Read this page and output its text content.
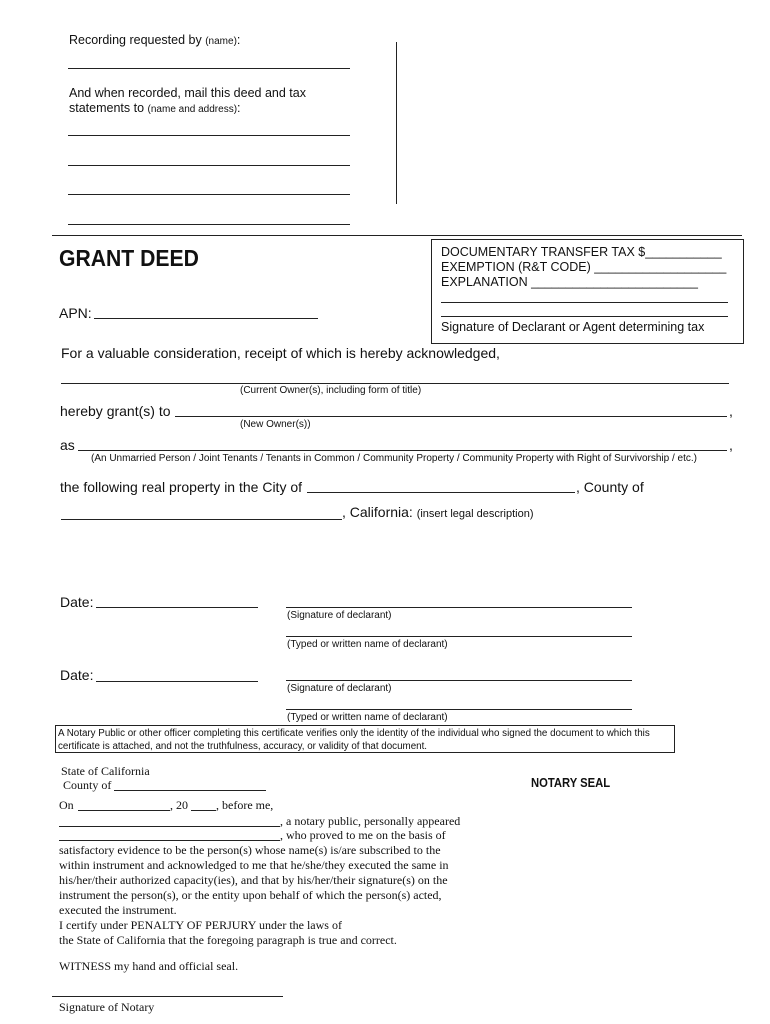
Recording requested by (name):
And when recorded, mail this deed and tax
statements to (name and address):
GRANT DEED
APN:
DOCUMENTARY TRANSFER TAX $___________
EXEMPTION (R&T CODE) ___________________
EXPLANATION ________________________
Signature of Declarant or Agent determining tax
For a valuable consideration, receipt of which is hereby acknowledged,
(Current Owner(s), including form of title)
hereby grant(s) to	,
(New Owner(s))
as	,
(An Unmarried Person / Joint Tenants / Tenants in Common / Community Property / Community Property with Right of Survivorship / etc.)
the following real property in the City of	, County of
, California: (insert legal description)
Date:
(Signature of declarant)
(Typed or written name of declarant)
Date:
(Signature of declarant)
(Typed or written name of declarant)
A Notary Public or other officer completing this certificate verifies only the identity of the individual who signed the document to which this certificate is attached, and not the truthfulness, accuracy, or validity of that document.
State of California
County of	NOTARY SEAL
On	, 20 , before me,
, a notary public, personally appeared
, who proved to me on the basis of
satisfactory evidence to be the person(s) whose name(s) is/are subscribed to the
within instrument and acknowledged to me that he/she/they executed the same in
his/her/their authorized capacity(ies), and that by his/her/their signature(s) on the
instrument the person(s), or the entity upon behalf of which the person(s) acted,
executed the instrument.
I certify under PENALTY OF PERJURY under the laws of
the State of California that the foregoing paragraph is true and correct.
WITNESS my hand and official seal.
Signature of Notary
